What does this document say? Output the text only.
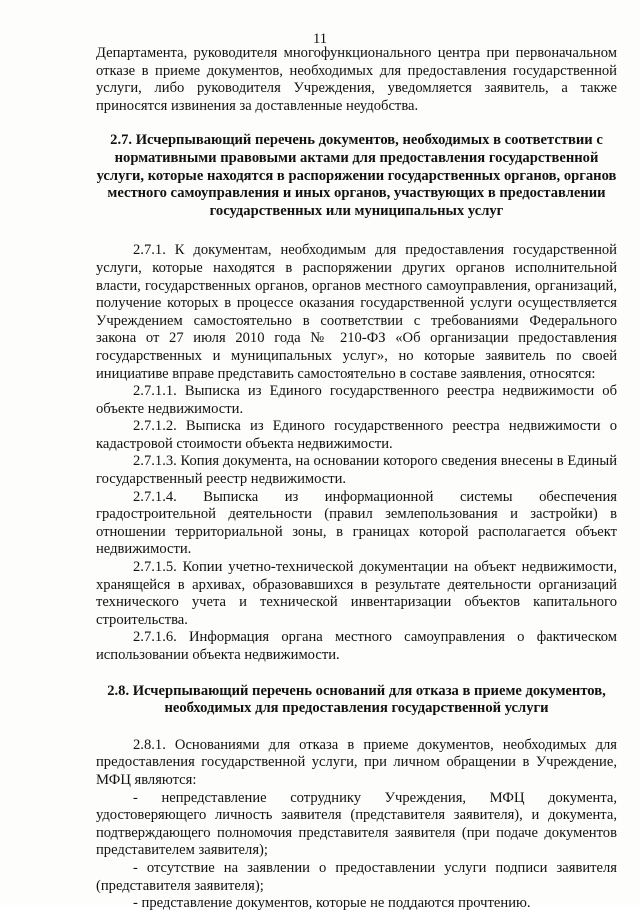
11

Департамента, руководителя многофункционального центра при первоначальном отказе в приеме документов, необходимых для предоставления государственной услуги, либо руководителя Учреждения, уведомляется заявитель, а также приносятся извинения за доставленные неудобства.

2.7. Исчерпывающий перечень документов, необходимых в соответствии с нормативными правовыми актами для предоставления государственной услуги, которые находятся в распоряжении государственных органов, органов местного самоуправления и иных органов, участвующих в предоставлении государственных или муниципальных услуг

2.7.1. К документам, необходимым для предоставления государственной услуги, которые находятся в распоряжении других органов исполнительной власти, государственных органов, органов местного самоуправления, организаций, получение которых в процессе оказания государственной услуги осуществляется Учреждением самостоятельно в соответствии с требованиями Федерального закона от 27 июля 2010 года № 210-ФЗ «Об организации предоставления государственных и муниципальных услуг», но которые заявитель по своей инициативе вправе представить самостоятельно в составе заявления, относятся:

2.7.1.1. Выписка из Единого государственного реестра недвижимости об объекте недвижимости.

2.7.1.2. Выписка из Единого государственного реестра недвижимости о кадастровой стоимости объекта недвижимости.

2.7.1.3. Копия документа, на основании которого сведения внесены в Единый государственный реестр недвижимости.

2.7.1.4. Выписка из информационной системы обеспечения градостроительной деятельности (правил землепользования и застройки) в отношении территориальной зоны, в границах которой располагается объект недвижимости.

2.7.1.5. Копии учетно-технической документации на объект недвижимости, хранящейся в архивах, образовавшихся в результате деятельности организаций технического учета и технической инвентаризации объектов капитального строительства.

2.7.1.6. Информация органа местного самоуправления о фактическом использовании объекта недвижимости.

2.8. Исчерпывающий перечень оснований для отказа в приеме документов, необходимых для предоставления государственной услуги

2.8.1. Основаниями для отказа в приеме документов, необходимых для предоставления государственной услуги, при личном обращении в Учреждение, МФЦ являются:

- непредставление сотруднику Учреждения, МФЦ документа, удостоверяющего личность заявителя (представителя заявителя), и документа, подтверждающего полномочия представителя заявителя (при подаче документов представителем заявителя);

- отсутствие на заявлении о предоставлении услуги подписи заявителя (представителя заявителя);

- представление документов, которые не поддаются прочтению.
